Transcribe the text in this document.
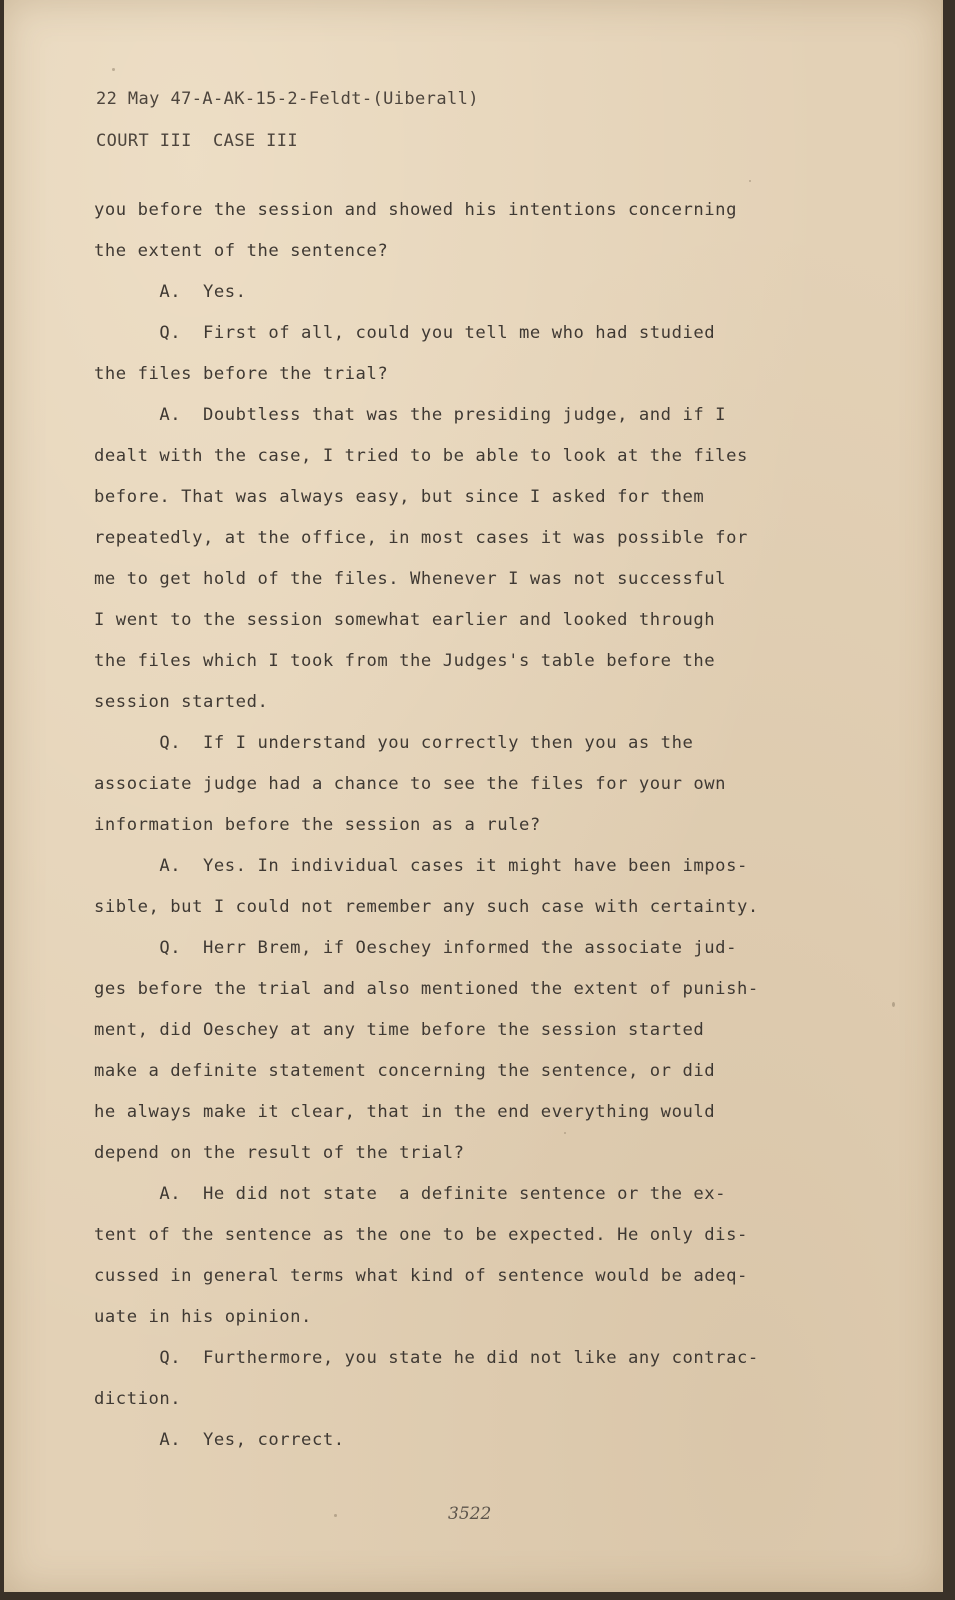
22 May 47-A-AK-15-2-Feldt-(Uiberall)
COURT III  CASE III
you before the session and showed his intentions concerning
the extent of the sentence?
A.  Yes.
Q.  First of all, could you tell me who had studied
the files before the trial?
A.  Doubtless that was the presiding judge, and if I
dealt with the case, I tried to be able to look at the files
before. That was always easy, but since I asked for them
repeatedly, at the office, in most cases it was possible for
me to get hold of the files. Whenever I was not successful
I went to the session somewhat earlier and looked through
the files which I took from the Judges's table before the
session started.
Q.  If I understand you correctly then you as the
associate judge had a chance to see the files for your own
information before the session as a rule?
A.  Yes. In individual cases it might have been impos-
sible, but I could not remember any such case with certainty.
Q.  Herr Brem, if Oeschey informed the associate jud-
ges before the trial and also mentioned the extent of punish-
ment, did Oeschey at any time before the session started
make a definite statement concerning the sentence, or did
he always make it clear, that in the end everything would
depend on the result of the trial?
A.  He did not state  a definite sentence or the ex-
tent of the sentence as the one to be expected. He only dis-
cussed in general terms what kind of sentence would be adeq-
uate in his opinion.
Q.  Furthermore, you state he did not like any contrac-
diction.
A.  Yes, correct.
3522
